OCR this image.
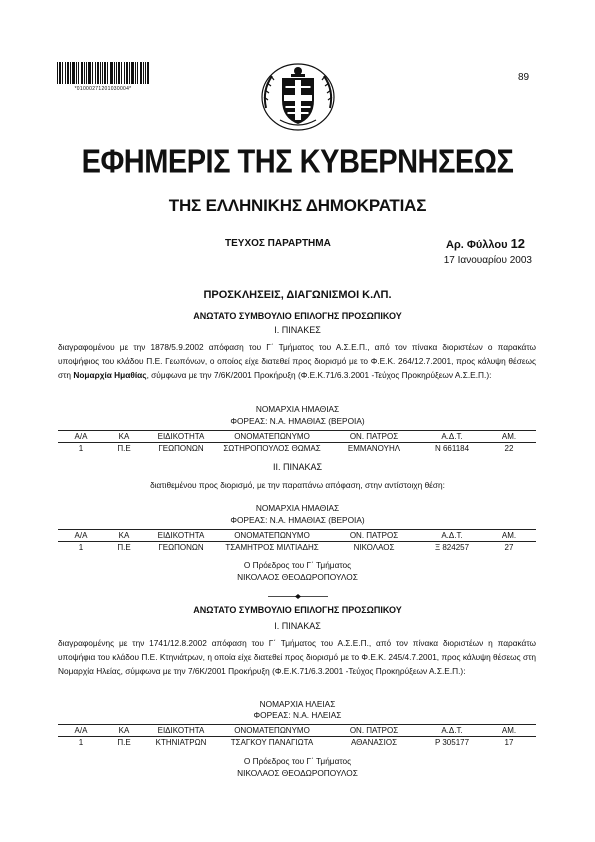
*01000271201030004*
89
ΕΦΗΜΕΡΙΣ ΤΗΣ ΚΥΒΕΡΝΗΣΕΩΣ
ΤΗΣ ΕΛΛΗΝΙΚΗΣ ΔΗΜΟΚΡΑΤΙΑΣ
ΤΕΥΧΟΣ ΠΑΡΑΡΤΗΜΑ	Αρ. Φύλλου 12
17 Ιανουαρίου 2003
ΠΡΟΣΚΛΗΣΕΙΣ, ΔΙΑΓΩΝΙΣΜΟΙ Κ.ΛΠ.
ΑΝΩΤΑΤΟ ΣΥΜΒΟΥΛΙΟ ΕΠΙΛΟΓΗΣ ΠΡΟΣΩΠΙΚΟΥ
Ι. ΠΙΝΑΚΕΣ
διαγραφομένου με την 1878/5.9.2002 απόφαση του Γ΄ Τμήματος του Α.Σ.Ε.Π., από τον πίνακα διοριστέων ο παρακάτω υποψήφιος του κλάδου Π.Ε. Γεωπόνων, ο οποίος είχε διατεθεί προς διορισμό με το Φ.Ε.Κ. 264/12.7.2001, προς κάλυψη θέσεως στη Νομαρχία Ημαθίας, σύμφωνα με την 7/6Κ/2001 Προκήρυξη (Φ.Ε.Κ.71/6.3.2001 -Τεύχος Προκηρύξεων Α.Σ.Ε.Π.):
ΝΟΜΑΡΧΙΑ ΗΜΑΘΙΑΣ
ΦΟΡΕΑΣ: Ν.Α. ΗΜΑΘΙΑΣ (ΒΕΡΟΙΑ)
Α/Α	ΚΑ	ΕΙΔΙΚΟΤΗΤΑ	ΟΝΟΜΑΤΕΠΩΝΥΜΟ	ΟΝ. ΠΑΤΡΟΣ	Α.Δ.Τ.	ΑΜ.
1	Π.Ε	ΓΕΩΠΟΝΩΝ	ΣΩΤΗΡΟΠΟΥΛΟΣ ΘΩΜΑΣ	ΕΜΜΑΝΟΥΗΛ	Ν 661184	22
ΙΙ. ΠΙΝΑΚΑΣ
διατιθεμένου προς διορισμό, με την παραπάνω απόφαση, στην αντίστοιχη θέση:
ΝΟΜΑΡΧΙΑ ΗΜΑΘΙΑΣ
ΦΟΡΕΑΣ: Ν.Α. ΗΜΑΘΙΑΣ (ΒΕΡΟΙΑ)
Α/Α	ΚΑ	ΕΙΔΙΚΟΤΗΤΑ	ΟΝΟΜΑΤΕΠΩΝΥΜΟ	ΟΝ. ΠΑΤΡΟΣ	Α.Δ.Τ.	ΑΜ.
1	Π.Ε	ΓΕΩΠΟΝΩΝ	ΤΣΑΜΗΤΡΟΣ ΜΙΛΤΙΑΔΗΣ	ΝΙΚΟΛΑΟΣ	Ξ 824257	27
Ο Πρόεδρος του Γ΄ Τμήματος
ΝΙΚΟΛΑΟΣ ΘΕΟΔΩΡΟΠΟΥΛΟΣ
ΑΝΩΤΑΤΟ ΣΥΜΒΟΥΛΙΟ ΕΠΙΛΟΓΗΣ ΠΡΟΣΩΠΙΚΟΥ
Ι. ΠΙΝΑΚΑΣ
διαγραφομένης με την 1741/12.8.2002 απόφαση του Γ΄ Τμήματος του Α.Σ.Ε.Π., από τον πίνακα διοριστέων η παρακάτω υποψήφια του κλάδου Π.Ε. Κτηνιάτρων, η οποία είχε διατεθεί προς διορισμό με το Φ.Ε.Κ. 245/4.7.2001, προς κάλυψη θέσεως στη Νομαρχία Ηλείας, σύμφωνα με την 7/6Κ/2001 Προκήρυξη (Φ.Ε.Κ.71/6.3.2001 -Τεύχος Προκηρύξεων Α.Σ.Ε.Π.):
ΝΟΜΑΡΧΙΑ ΗΛΕΙΑΣ
ΦΟΡΕΑΣ: Ν.Α. ΗΛΕΙΑΣ
Α/Α	ΚΑ	ΕΙΔΙΚΟΤΗΤΑ	ΟΝΟΜΑΤΕΠΩΝΥΜΟ	ΟΝ. ΠΑΤΡΟΣ	Α.Δ.Τ.	ΑΜ.
1	Π.Ε	ΚΤΗΝΙΑΤΡΩΝ	ΤΣΑΓΚΟΥ ΠΑΝΑΓΙΩΤΑ	ΑΘΑΝΑΣΙΟΣ	Ρ 305177	17
Ο Πρόεδρος του Γ΄ Τμήματος
ΝΙΚΟΛΑΟΣ ΘΕΟΔΩΡΟΠΟΥΛΟΣ
